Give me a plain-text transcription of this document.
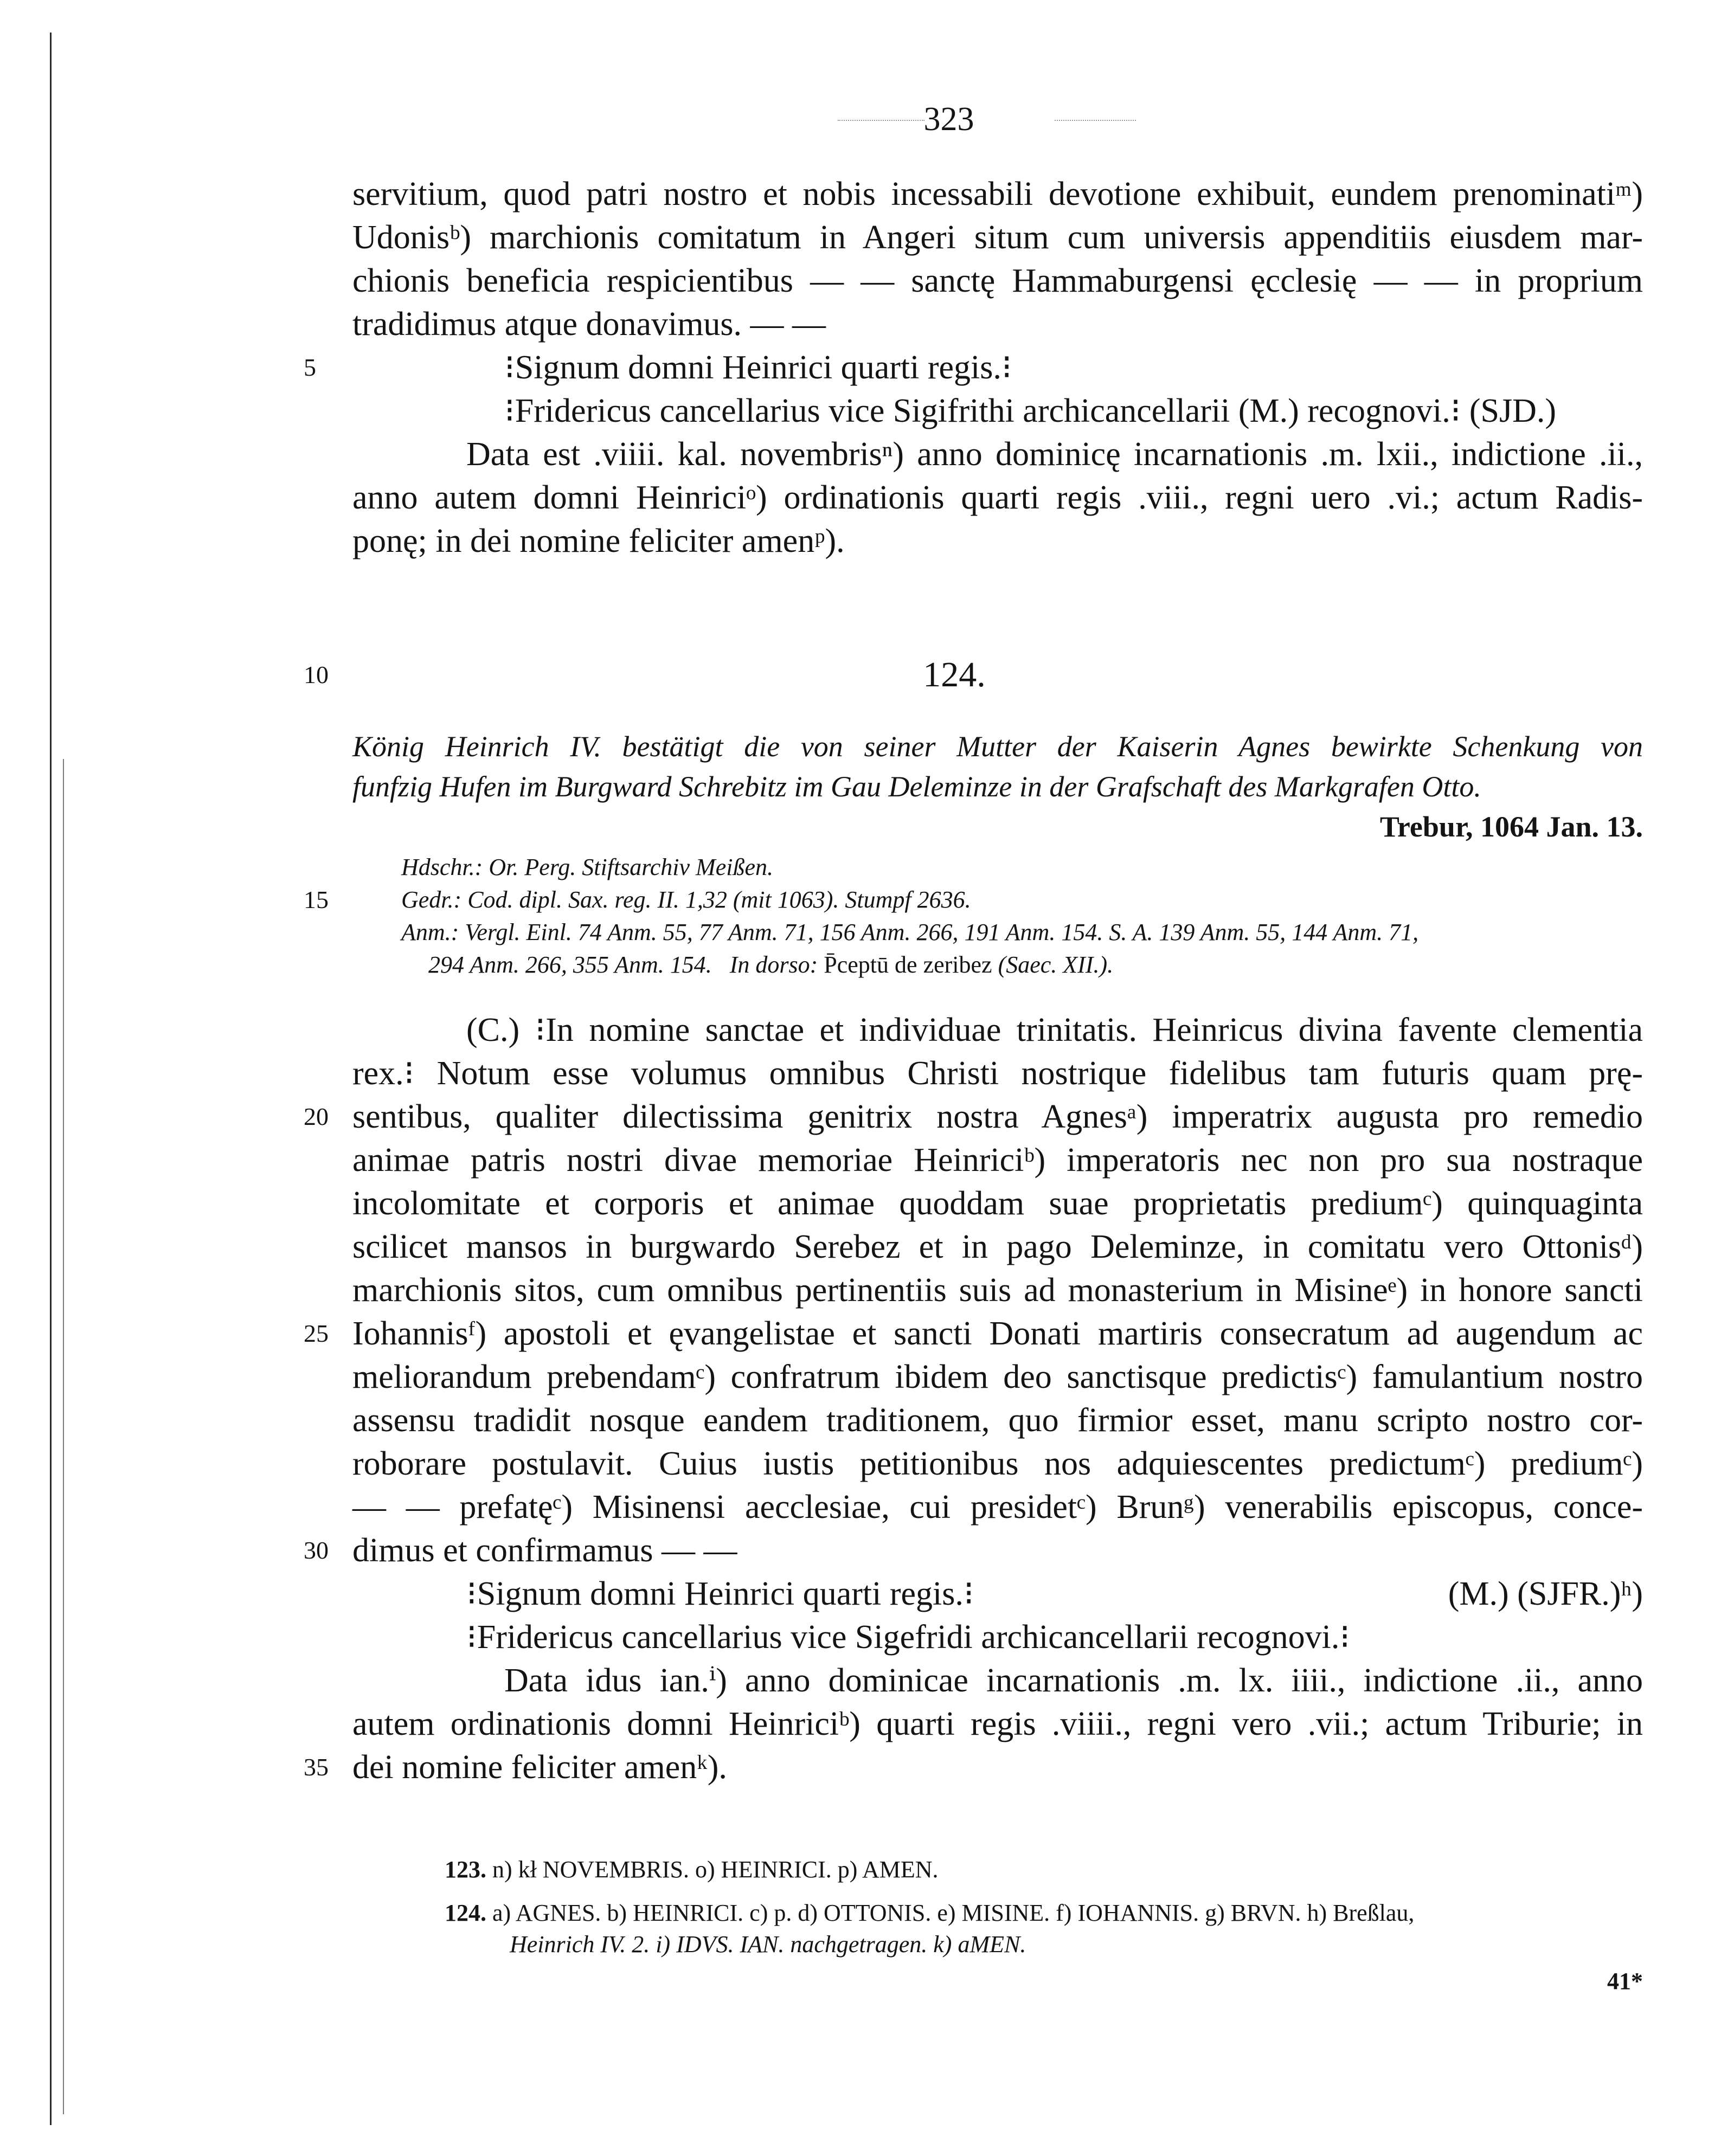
323
servitium, quod patri nostro et nobis incessabili devotione exhibuit, eundem prenominatiᵐ)
Udonisᵇ) marchionis comitatum in Angeri situm cum universis appenditiis eiusdem mar-
chionis beneficia respicientibus — — sanctę Hammaburgensi ęcclesię — — in proprium
tradidimus atque donavimus. — —
5	⁝Signum domni Heinrici quarti regis.⁝
⁝Fridericus cancellarius vice Sigifrithi archicancellarii (M.) recognovi.⁝ (SJD.)
Data est .viiii. kal. novembrisⁿ) anno dominicę incarnationis .m. lxii., indictione .ii.,
anno autem domni Heinriciᵒ) ordinationis quarti regis .viii., regni uero .vi.; actum Radis-
ponę; in dei nomine feliciter amenᵖ).
10	124.
König Heinrich IV. bestätigt die von seiner Mutter der Kaiserin Agnes bewirkte Schenkung von
funfzig Hufen im Burgward Schrebitz im Gau Deleminze in der Grafschaft des Markgrafen Otto.
Trebur, 1064 Jan. 13.
Hdschr.: Or. Perg. Stiftsarchiv Meißen.
15	Gedr.: Cod. dipl. Sax. reg. II. 1,32 (mit 1063). Stumpf 2636.
Anm.: Vergl. Einl. 74 Anm. 55, 77 Anm. 71, 156 Anm. 266, 191 Anm. 154. S. A. 139 Anm. 55, 144 Anm. 71,
294 Anm. 266, 355 Anm. 154. In dorso: P̄ceptū de zeribez (Saec. XII.).
(C.) ⁝In nomine sanctae et individuae trinitatis. Heinricus divina favente clementia
rex.⁝ Notum esse volumus omnibus Christi nostrique fidelibus tam futuris quam prę-
20 sentibus, qualiter dilectissima genitrix nostra Agnesᵃ) imperatrix augusta pro remedio
animae patris nostri divae memoriae Heinriciᵇ) imperatoris nec non pro sua nostraque
incolomitate et corporis et animae quoddam suae proprietatis prediumᶜ) quinquaginta
scilicet mansos in burgwardo Serebez et in pago Deleminze, in comitatu vero Ottonisᵈ)
marchionis sitos, cum omnibus pertinentiis suis ad monasterium in Misineᵉ) in honore sancti
25 Iohannisᶠ) apostoli et ęvangelistae et sancti Donati martiris consecratum ad augendum ac
meliorandum prebendamᶜ) confratrum ibidem deo sanctisque predictisᶜ) famulantium nostro
assensu tradidit nosque eandem traditionem, quo firmior esset, manu scripto nostro cor-
roborare postulavit. Cuius iustis petitionibus nos adquiescentes predictumᶜ) prediumᶜ)
— — prefatęᶜ) Misinensi aecclesiae, cui presidetᶜ) Brunᵍ) venerabilis episcopus, conce-
30 dimus et confirmamus — —
⁝Signum domni Heinrici quarti regis.⁝	(M.) (SJFR.)ʰ)
⁝Fridericus cancellarius vice Sigefridi archicancellarii recognovi.⁝
Data idus ian.ⁱ) anno dominicae incarnationis .m. lx. iiii., indictione .ii., anno
autem ordinationis domni Heinriciᵇ) quarti regis .viiii., regni vero .vii.; actum Triburie; in
35 dei nomine feliciter amenᵏ).
123. n) kł NOVEMBRIS. o) HEINRICI. p) AMEN.
124. a) AGNES. b) HEINRICI. c) p. d) OTTONIS. e) MISINE. f) IOHANNIS. g) BRVN. h) Breßlau,
Heinrich IV. 2. i) IDVS. IAN. nachgetragen. k) aMEN.
41*
